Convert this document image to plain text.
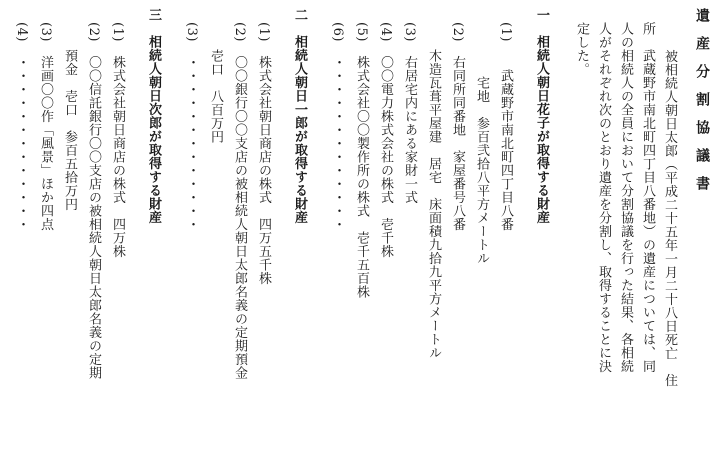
遺産分割協議書
　被相続人朝日太郎（平成二十五年一月二十八日死亡　住
所　武蔵野市南北町四丁目八番地）の遺産については、同
人の相続人の全員において分割協議を行った結果、各相続
人がそれぞれ次のとおり遺産を分割し、取得することに決
定した。
一　相続人朝日花子が取得する財産
(1)　　武蔵野市南北町四丁目八番
　　　　宅地　参百弐拾八平方メートル
(2)　右同所同番地　家屋番号八番
　　木造瓦葺平屋建　居宅　床面積九拾九平方メートル
(3)　右居宅内にある家財一式
(4)　〇〇電力株式会社の株式　壱千株
(5)　株式会社〇〇製作所の株式　壱千五百株
(6)　・・・・・・・・・・・・・
二　相続人朝日一郎が取得する財産
(1)　株式会社朝日商店の株式　四万五千株
(2)　〇〇銀行〇〇支店の被相続人朝日太郎名義の定期預金
　　壱口　八百万円
(3)　・・・・・・・・・・・・・
三　相続人朝日次郎が取得する財産
(1)　株式会社朝日商店の株式　四万株
(2)　〇〇信託銀行〇〇支店の被相続人朝日太郎名義の定期
　　預金　壱口　参百五拾万円
(3)　洋画〇〇作「風景」ほか四点
(4)　・・・・・・・・・・・・・
